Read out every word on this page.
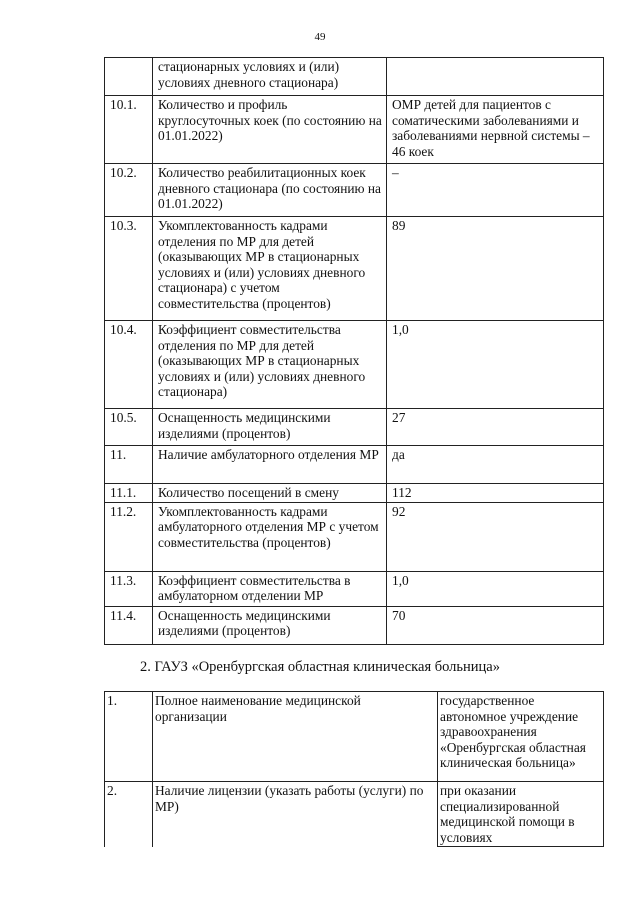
49
	стационарных условиях и (или) условиях дневного стационара)	
10.1.	Количество и профиль круглосуточных коек (по состоянию на 01.01.2022)	ОМР детей для пациентов с соматическими заболеваниями и заболеваниями нервной системы – 46 коек
10.2.	Количество реабилитационных коек дневного стационара (по состоянию на 01.01.2022)	–
10.3.	Укомплектованность кадрами отделения по МР для детей (оказывающих МР в стационарных условиях и (или) условиях дневного стационара) с учетом совместительства (процентов)	89
10.4.	Коэффициент совместительства отделения по МР для детей (оказывающих МР в стационарных условиях и (или) условиях дневного стационара)	1,0
10.5.	Оснащенность медицинскими изделиями (процентов)	27
11.	Наличие амбулаторного отделения МР	да
11.1.	Количество посещений в смену	112
11.2.	Укомплектованность кадрами амбулаторного отделения МР с учетом совместительства (процентов)	92
11.3.	Коэффициент совместительства в амбулаторном отделении МР	1,0
11.4.	Оснащенность медицинскими изделиями (процентов)	70
2. ГАУЗ «Оренбургская областная клиническая больница»
1.	Полное наименование медицинской организации	государственное автономное учреждение здравоохранения «Оренбургская областная клиническая больница»
2.	Наличие лицензии (указать работы (услуги) по МР)	при оказании специализированной медицинской помощи в условиях
